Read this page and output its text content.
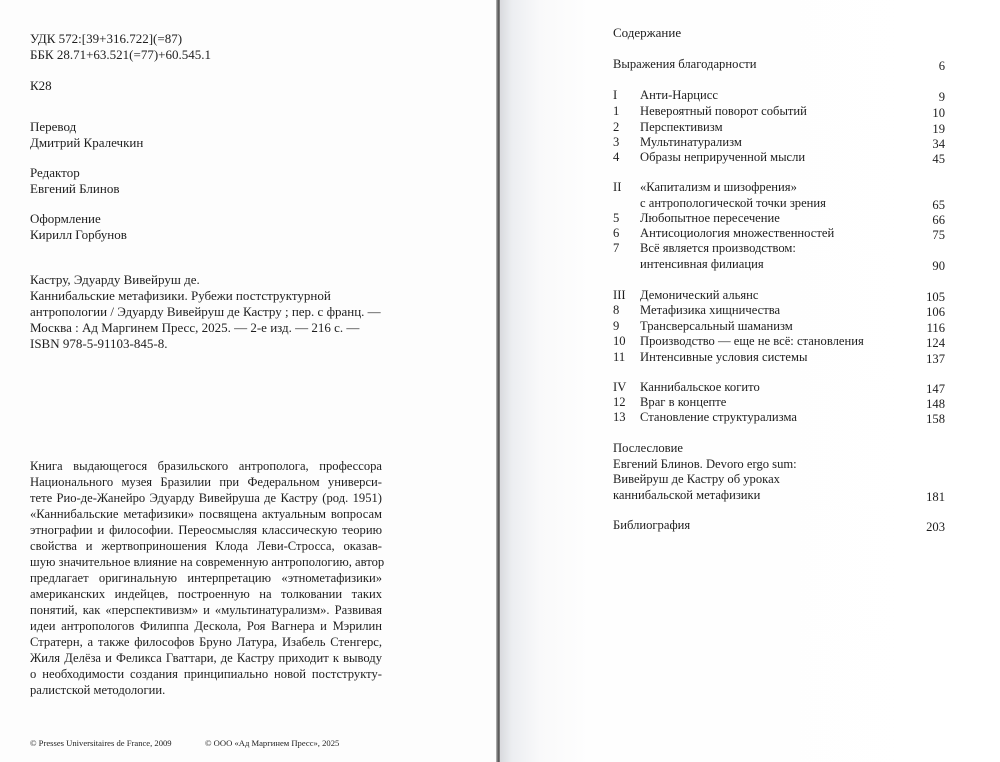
УДК 572:[39+316.722](=87)
ББК 28.71+63.521(=77)+60.545.1
К28
Перевод
Дмитрий Кралечкин
Редактор
Евгений Блинов
Оформление
Кирилл Горбунов
Кастру, Эдуарду Вивейруш де.
Каннибальские метафизики. Рубежи постструктурной
антропологии / Эдуарду Вивейруш де Кастру ; пер. с франц. —
Москва : Ад Маргинем Пресс, 2025. — 2-е изд. — 216 с. —
ISBN 978-5-91103-845-8.
Книга выдающегося бразильского антрополога, профессора
Национального музея Бразилии при Федеральном универси-
тете Рио-де-Жанейро Эдуарду Вивейруша де Кастру (род. 1951)
«Каннибальские метафизики» посвящена актуальным вопросам
этнографии и философии. Переосмысляя классическую теорию
свойства и жертвоприношения Клода Леви-Стросса, оказав-
шую значительное влияние на современную антропологию, автор
предлагает оригинальную интерпретацию «этнометафизики»
американских индейцев, построенную на толковании таких
понятий, как «перспективизм» и «мультинатурализм». Развивая
идеи антропологов Филиппа Дескола, Роя Вагнера и Мэрилин
Стратерн, а также философов Бруно Латура, Изабель Стенгерс,
Жиля Делёза и Феликса Гваттари, де Кастру приходит к выводу
о необходимости создания принципиально новой постструкту-
ралистской методологии.
© Presses Universitaires de France, 2009	© ООО «Ад Маргинем Пресс», 2025
Содержание
Выражения благодарности	6
I Анти-Нарцисс	9
1 Невероятный поворот событий	10
2 Перспективизм	19
3 Мультинатурализм	34
4 Образы неприрученной мысли	45
II «Капитализм и шизофрения»
с антропологической точки зрения	65
5 Любопытное пересечение	66
6 Антисоциология множественностей	75
7 Всё является производством:
интенсивная филиация	90
III Демонический альянс	105
8 Метафизика хищничества	106
9 Трансверсальный шаманизм	116
10 Производство — еще не всё: становления	124
11 Интенсивные условия системы	137
IV Каннибальское когито	147
12 Враг в концепте	148
13 Становление структурализма	158
Послесловие
Евгений Блинов. Devoro ergo sum:
Вивейруш де Кастру об уроках
каннибальской метафизики	181
Библиография	203
